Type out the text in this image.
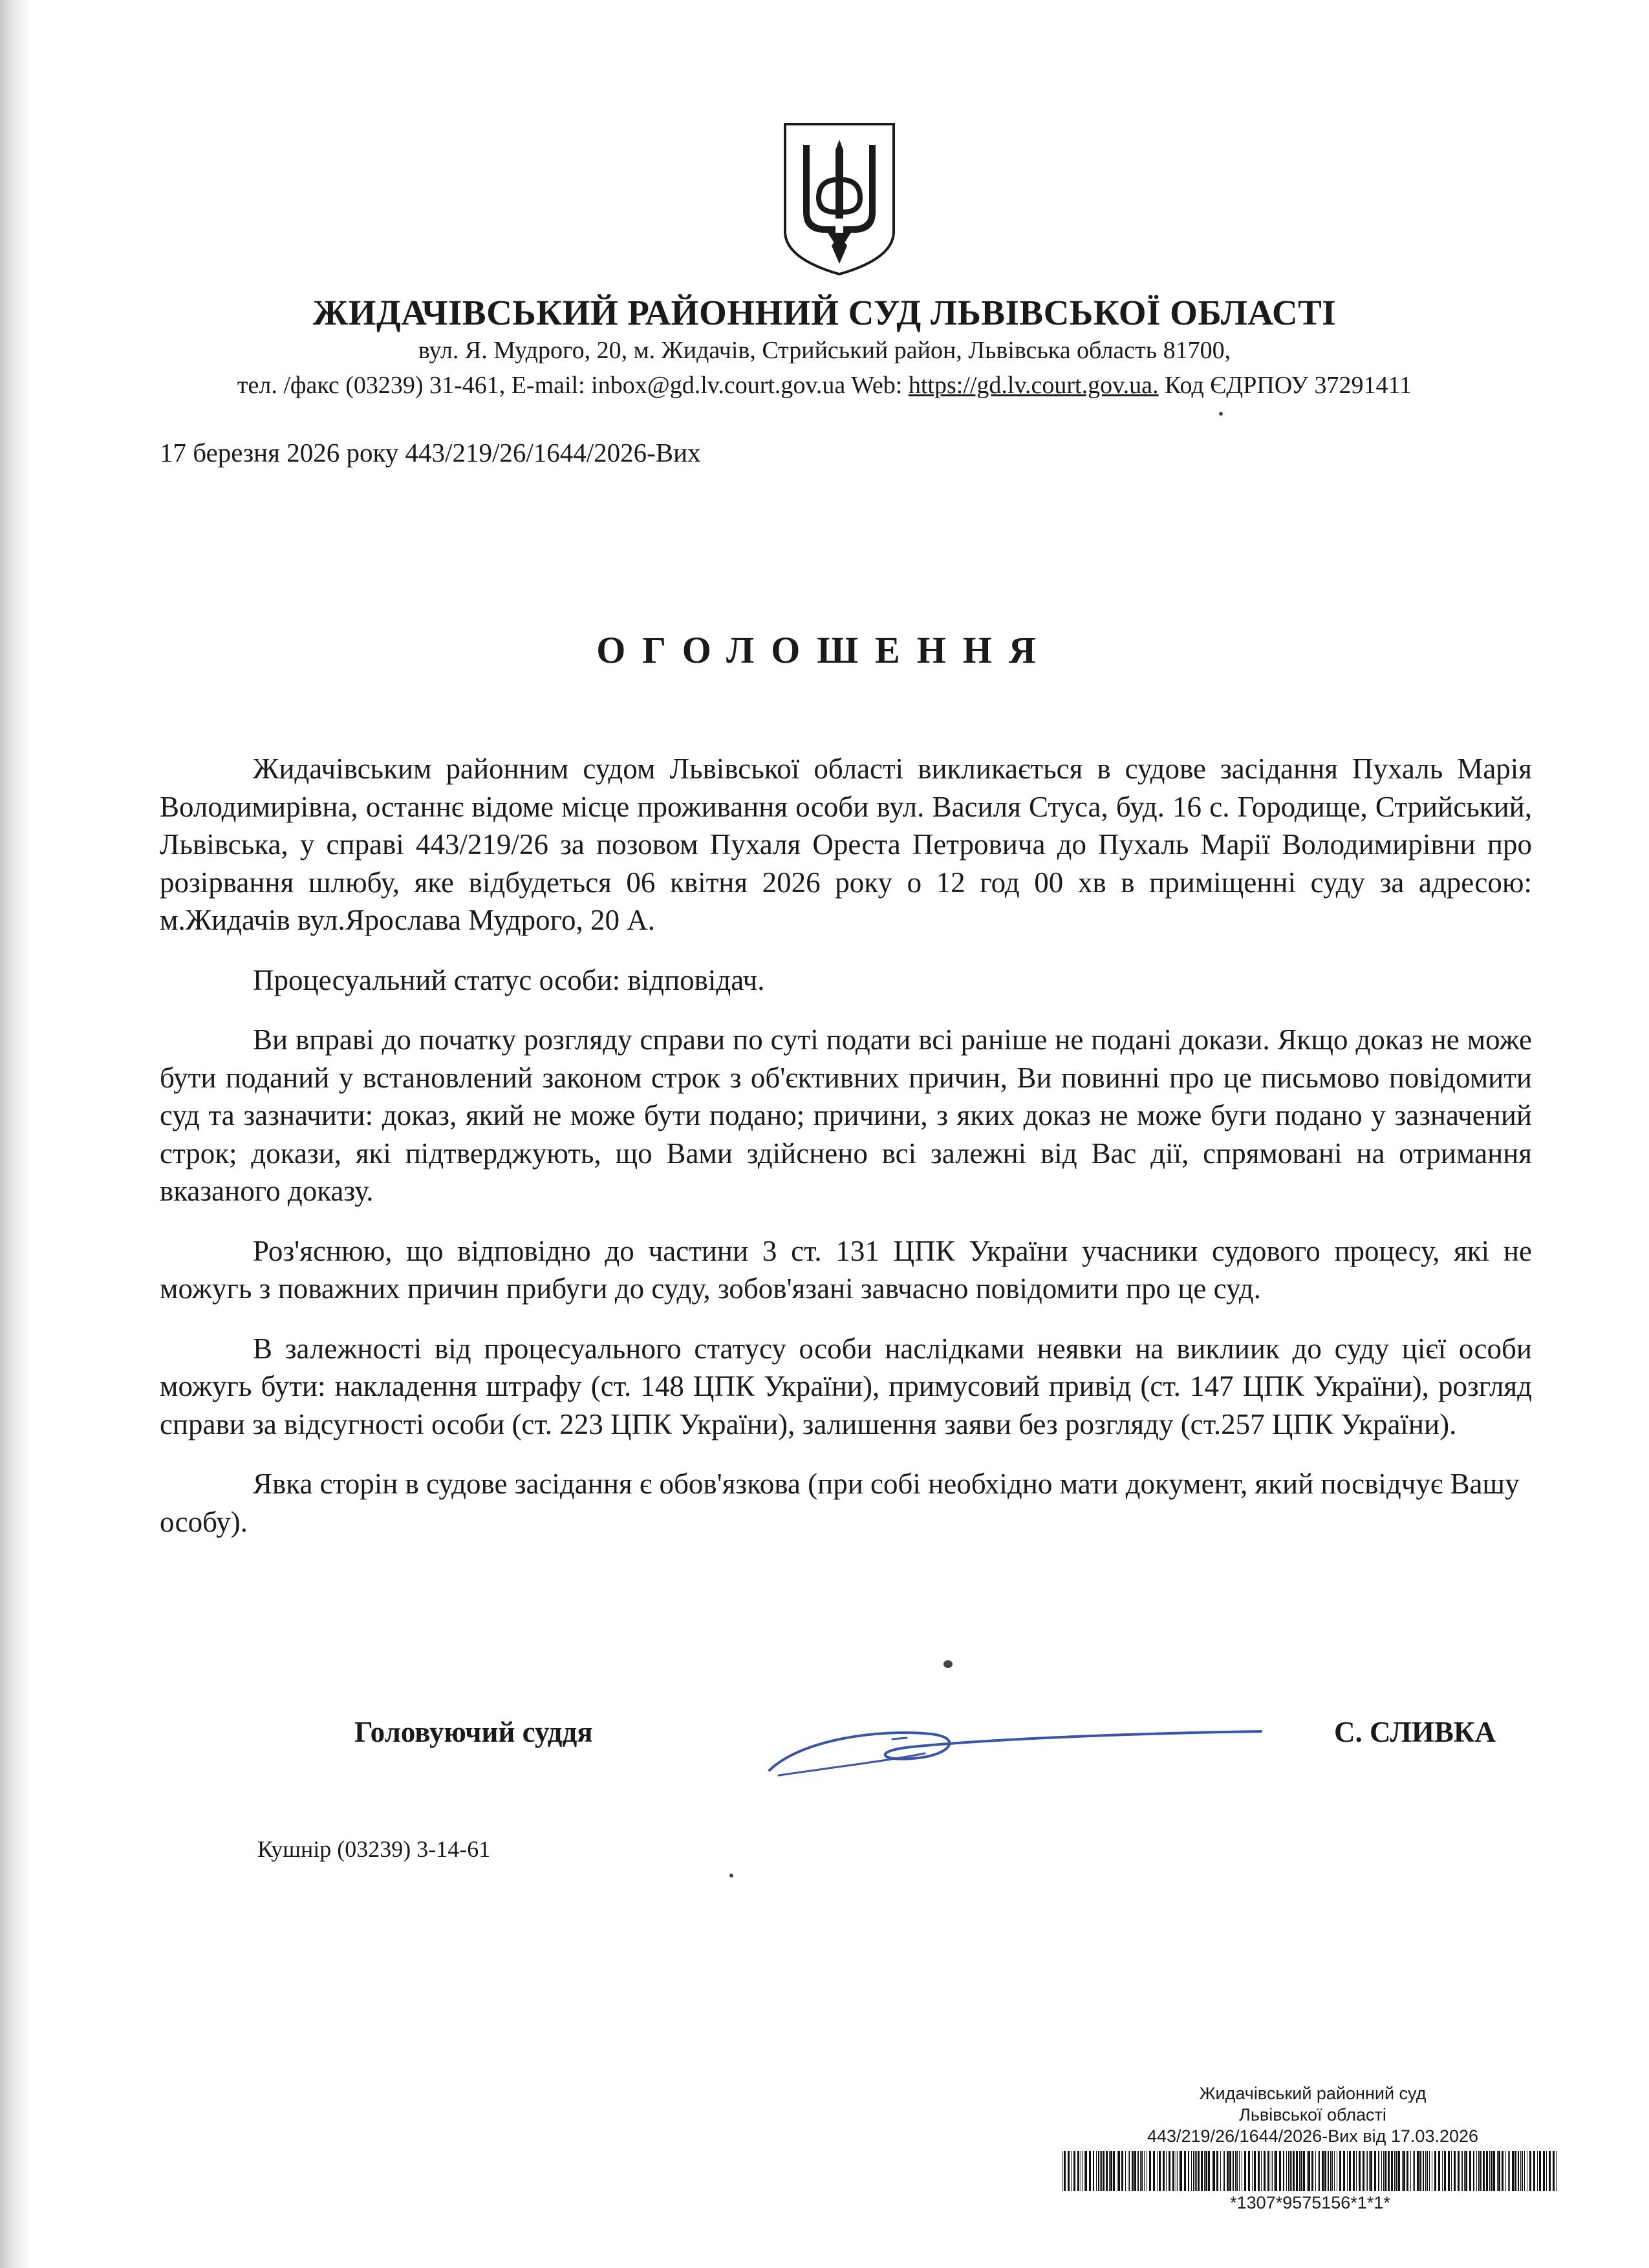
ЖИДАЧІВСЬКИЙ РАЙОННИЙ СУД ЛЬВІВСЬКОЇ ОБЛАСТІ
вул. Я. Мудрого, 20, м. Жидачів, Стрийський район, Львівська область 81700,
тел. /факс (03239) 31-461, E-mail: inbox@gd.lv.court.gov.ua Web: https://gd.lv.court.gov.ua. Код ЄДРПОУ 37291411
17 березня 2026 року 443/219/26/1644/2026-Вих
ОГОЛОШЕННЯ

Жидачівським районним судом Львівської області викликається в судове засідання Пухаль Марія Володимирівна, останнє відоме місце проживання особи вул. Василя Стуса, буд. 16 с. Городище, Стрийський, Львівська, у справі 443/219/26 за позовом Пухаля Ореста Петровича до Пухаль Марії Володимирівни про розірвання шлюбу, яке відбудеться 06 квітня 2026 року о 12 год 00 хв в приміщенні суду за адресою: м.Жидачів вул.Ярослава Мудрого, 20 А.

Процесуальний статус особи: відповідач.

Ви вправі до початку розгляду справи по суті подати всі раніше не подані докази. Якщо доказ не може бути поданий у встановлений законом строк з об'єктивних причин, Ви повинні про це письмово повідомити суд та зазначити: доказ, який не може бути подано; причини, з яких доказ не може буги подано у зазначений строк; докази, які підтверджують, що Вами здійснено всі залежні від Вас дії, спрямовані на отримання вказаного доказу.

Роз'яснюю, що відповідно до частини 3 ст. 131 ЦПК України учасники судового процесу, які не можугь з поважних причин прибуги до суду, зобов'язані завчасно повідомити про це суд.

В залежності від процесуального статусу особи наслідками неявки на виклиик до суду цієї особи можугь бути: накладення штрафу (ст. 148 ЦПК України), примусовий привід (ст. 147 ЦПК України), розгляд справи за відсугності особи (ст. 223 ЦПК України), залишення заяви без розгляду (ст.257 ЦПК України).

Явка сторін в судове засідання є обов'язкова (при собі необхідно мати документ, який посвідчує Вашу особу).

Головуючий суддя	С. СЛИВКА
Кушнір (03239) 3-14-61
Жидачівський районний суд
Львівської області
443/219/26/1644/2026-Вих від 17.03.2026
*1307*9575156*1*1*
